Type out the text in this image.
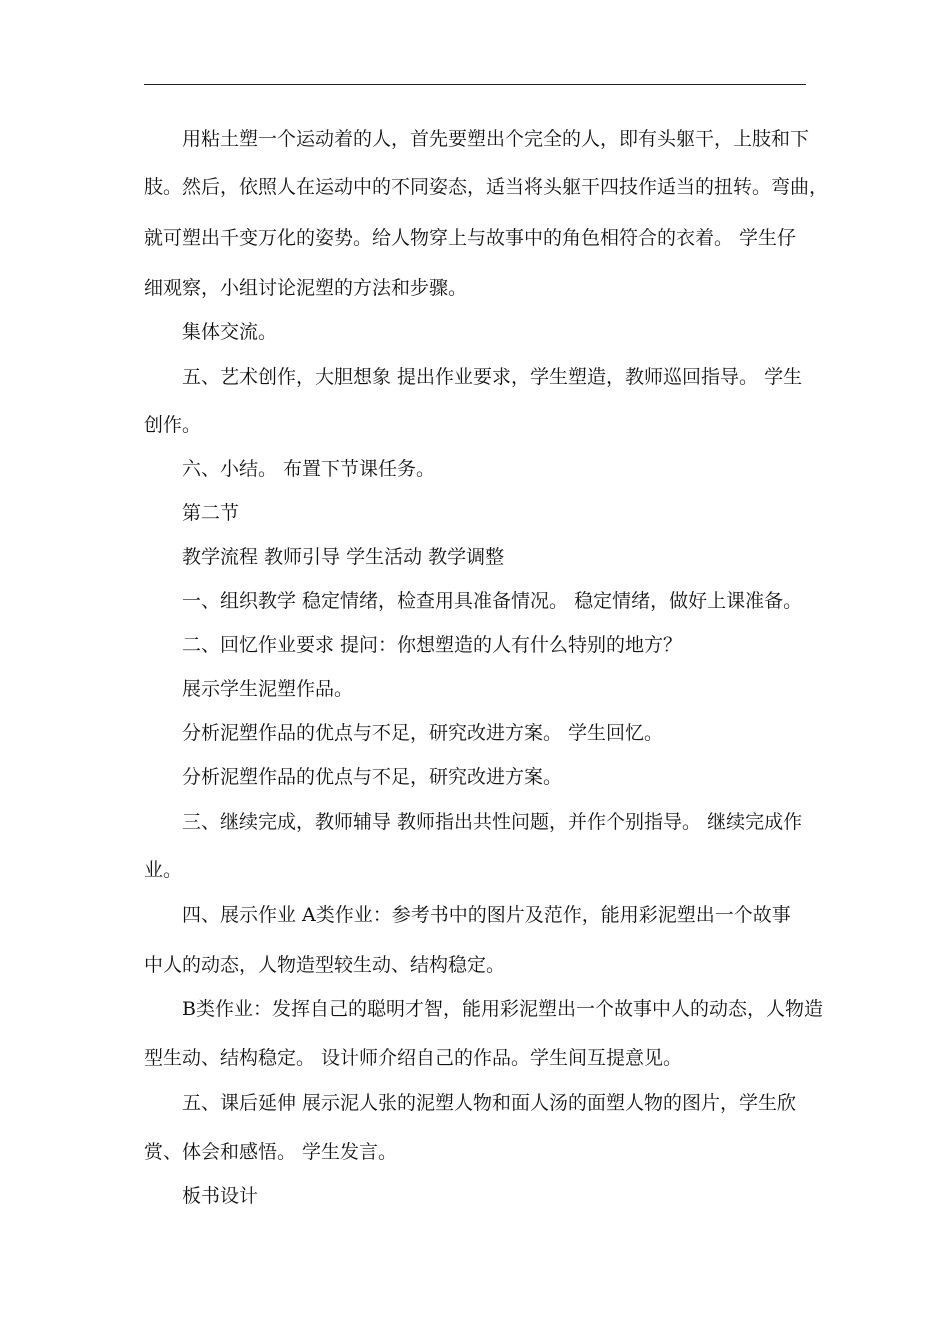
用粘土塑一个运动着的人，首先要塑出个完全的人，即有头躯干，上肢和下
肢。然后，依照人在运动中的不同姿态，适当将头躯干四技作适当的扭转。弯曲，
就可塑出千变万化的姿势。给人物穿上与故事中的角色相符合的衣着。 学生仔
细观察，小组讨论泥塑的方法和步骤。
集体交流。
五、艺术创作，大胆想象 提出作业要求，学生塑造，教师巡回指导。 学生
创作。
六、小结。 布置下节课任务。
第二节
教学流程 教师引导 学生活动 教学调整
一、组织教学 稳定情绪，检查用具准备情况。 稳定情绪，做好上课准备。
二、回忆作业要求 提问：你想塑造的人有什么特别的地方？
展示学生泥塑作品。
分析泥塑作品的优点与不足，研究改进方案。 学生回忆。
分析泥塑作品的优点与不足，研究改进方案。
三、继续完成，教师辅导 教师指出共性问题，并作个别指导。 继续完成作
业。
四、展示作业 A类作业：参考书中的图片及范作，能用彩泥塑出一个故事
中人的动态，人物造型较生动、结构稳定。
B类作业：发挥自己的聪明才智，能用彩泥塑出一个故事中人的动态，人物造
型生动、结构稳定。 设计师介绍自己的作品。学生间互提意见。
五、课后延伸 展示泥人张的泥塑人物和面人汤的面塑人物的图片，学生欣
赏、体会和感悟。 学生发言。
板书设计
